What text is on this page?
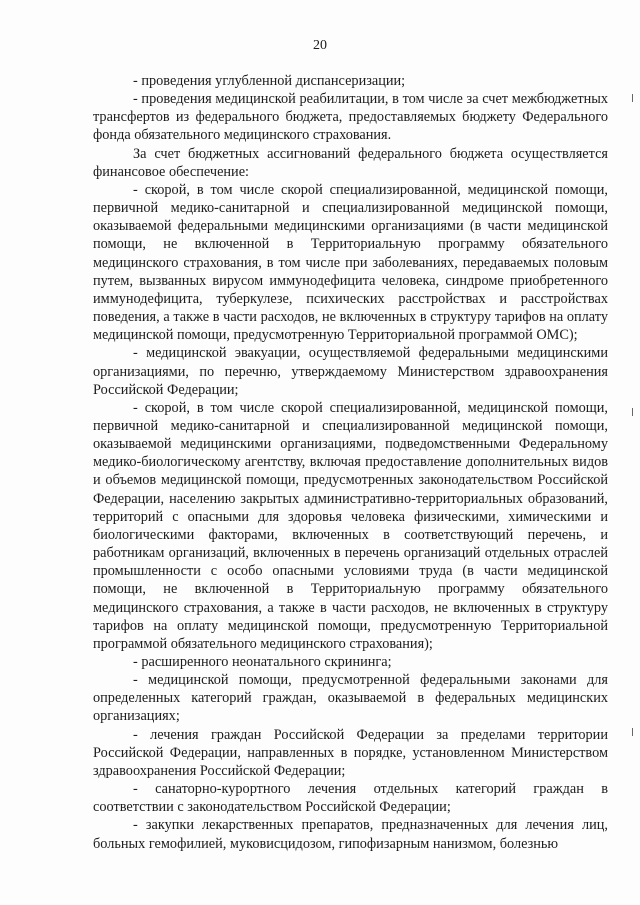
20

- проведения углубленной диспансеризации;

- проведения медицинской реабилитации, в том числе за счет межбюджетных трансфертов из федерального бюджета, предоставляемых бюджету Федерального фонда обязательного медицинского страхования.

За счет бюджетных ассигнований федерального бюджета осуществляется финансовое обеспечение:

- скорой, в том числе скорой специализированной, медицинской помощи, первичной медико-санитарной и специализированной медицинской помощи, оказываемой федеральными медицинскими организациями (в части медицинской помощи, не включенной в Территориальную программу обязательного медицинского страхования, в том числе при заболеваниях, передаваемых половым путем, вызванных вирусом иммунодефицита человека, синдроме приобретенного иммунодефицита, туберкулезе, психических расстройствах и расстройствах поведения, а также в части расходов, не включенных в структуру тарифов на оплату медицинской помощи, предусмотренную Территориальной программой ОМС);

- медицинской эвакуации, осуществляемой федеральными медицинскими организациями, по перечню, утверждаемому Министерством здравоохранения Российской Федерации;

- скорой, в том числе скорой специализированной, медицинской помощи, первичной медико-санитарной и специализированной медицинской помощи, оказываемой медицинскими организациями, подведомственными Федеральному медико-биологическому агентству, включая предоставление дополнительных видов и объемов медицинской помощи, предусмотренных законодательством Российской Федерации, населению закрытых административно-территориальных образований, территорий с опасными для здоровья человека физическими, химическими и биологическими факторами, включенных в соответствующий перечень, и работникам организаций, включенных в перечень организаций отдельных отраслей промышленности с особо опасными условиями труда (в части медицинской помощи, не включенной в Территориальную программу обязательного медицинского страхования, а также в части расходов, не включенных в структуру тарифов на оплату медицинской помощи, предусмотренную Территориальной программой обязательного медицинского страхования);

- расширенного неонатального скрининга;

- медицинской помощи, предусмотренной федеральными законами для определенных категорий граждан, оказываемой в федеральных медицинских организациях;

- лечения граждан Российской Федерации за пределами территории Российской Федерации, направленных в порядке, установленном Министерством здравоохранения Российской Федерации;

- санаторно-курортного лечения отдельных категорий граждан в соответствии с законодательством Российской Федерации;

- закупки лекарственных препаратов, предназначенных для лечения лиц, больных гемофилией, муковисцидозом, гипофизарным нанизмом, болезнью
